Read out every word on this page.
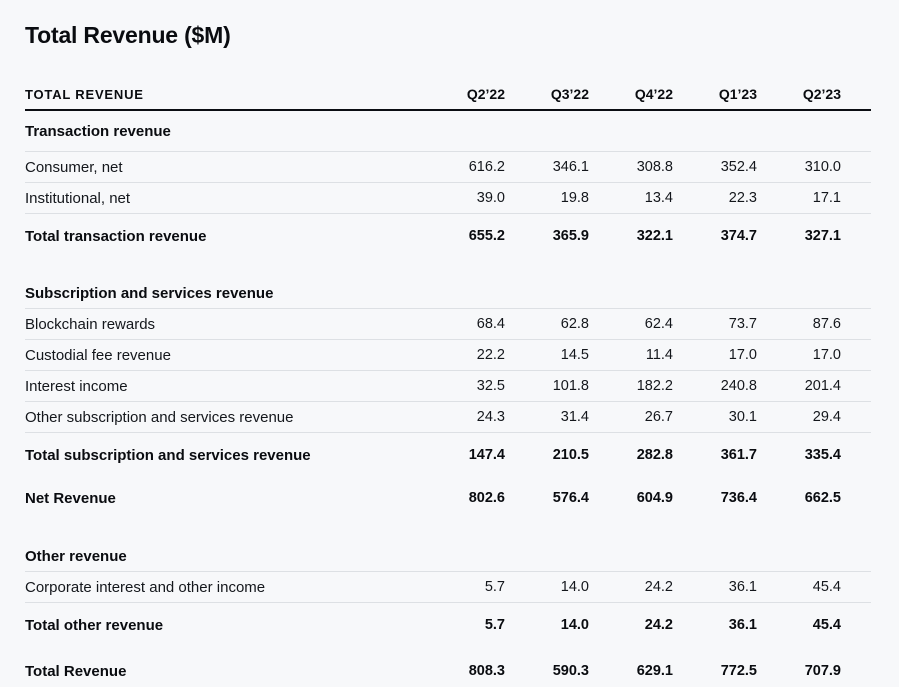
Total Revenue ($M)
TOTAL REVENUE	Q2’22	Q3’22	Q4’22	Q1’23	Q2’23
Transaction revenue					
Consumer, net	616.2	346.1	308.8	352.4	310.0
Institutional, net	39.0	19.8	13.4	22.3	17.1
Total transaction revenue	655.2	365.9	322.1	374.7	327.1

Subscription and services revenue					
Blockchain rewards	68.4	62.8	62.4	73.7	87.6
Custodial fee revenue	22.2	14.5	11.4	17.0	17.0
Interest income	32.5	101.8	182.2	240.8	201.4
Other subscription and services revenue	24.3	31.4	26.7	30.1	29.4
Total subscription and services revenue	147.4	210.5	282.8	361.7	335.4

Net Revenue	802.6	576.4	604.9	736.4	662.5

Other revenue					
Corporate interest and other income	5.7	14.0	24.2	36.1	45.4
Total other revenue	5.7	14.0	24.2	36.1	45.4

Total Revenue	808.3	590.3	629.1	772.5	707.9
